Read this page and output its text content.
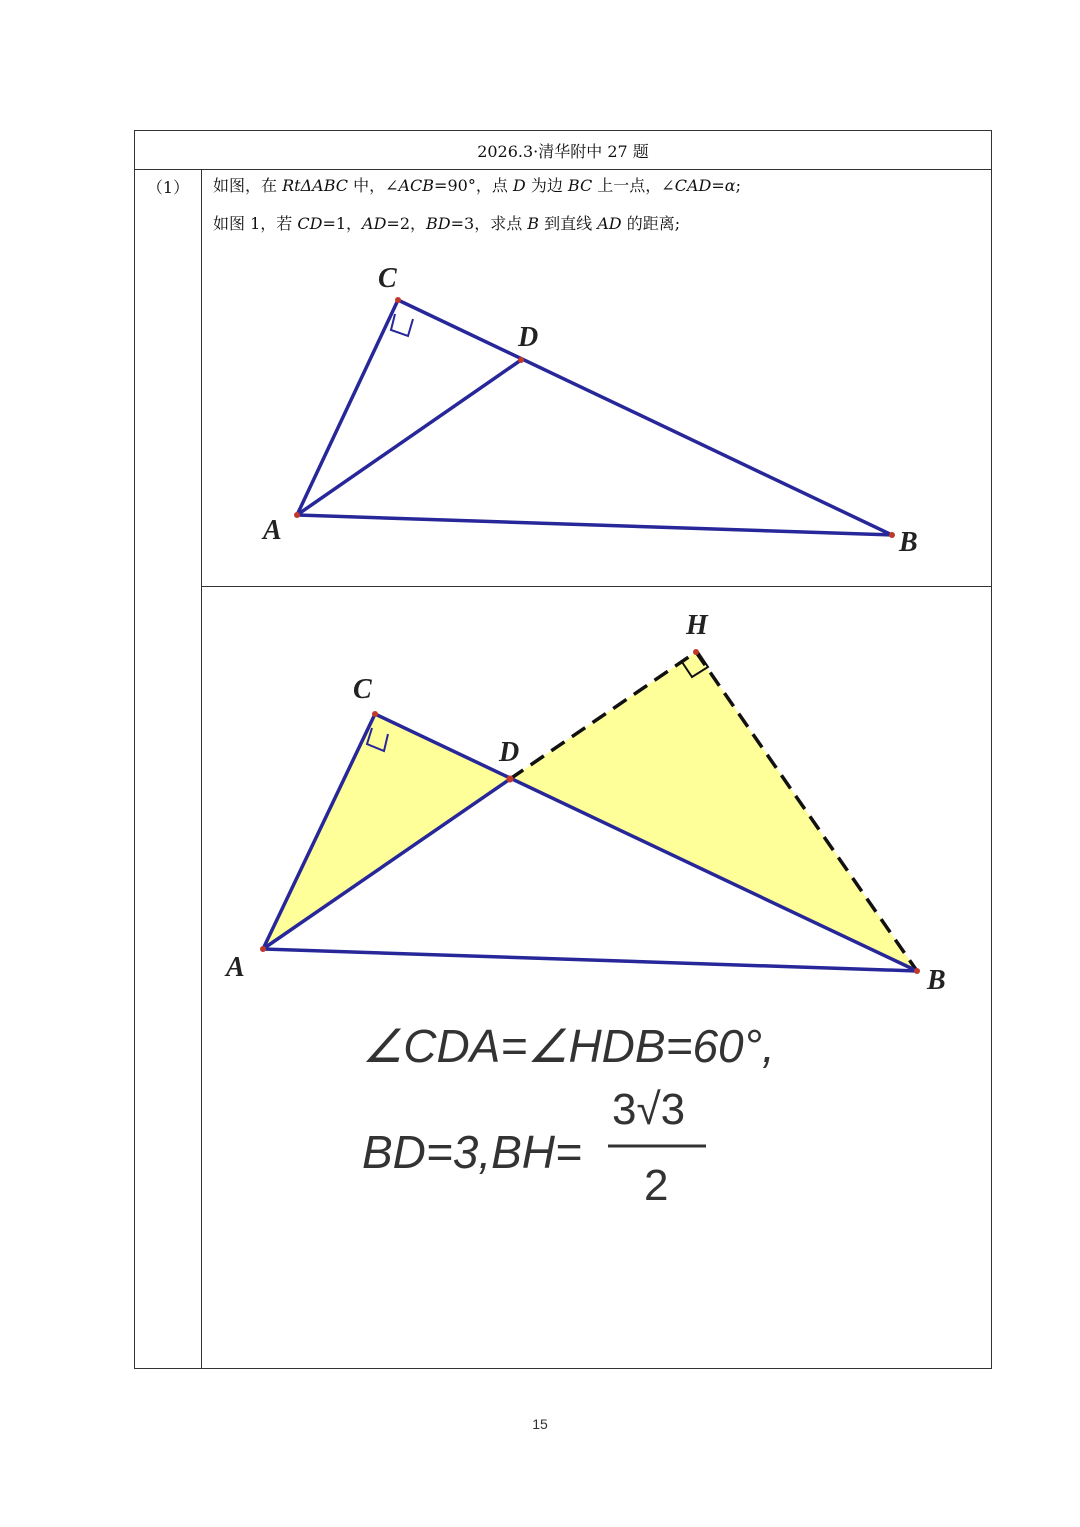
2026.3·清华附中 27 题
（1）	如图，在 RtΔABC 中，∠ACB=90°，点 D 为边 BC 上一点，∠CAD=α;
如图 1，若 CD=1，AD=2，BD=3，求点 B 到直线 AD 的距离;
C
D
A	B
C
D
H
A	B
∠CDA=∠HDB=60°,
BD=3,BH=
3√3
2
15
